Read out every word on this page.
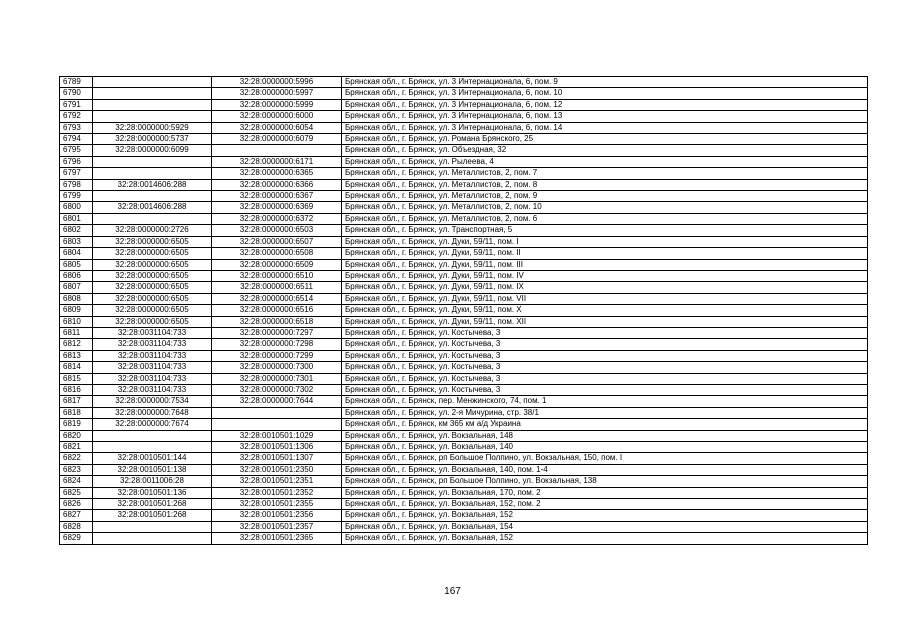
6789		32:28:0000000:5996	Брянская обл., г. Брянск, ул. 3 Интернационала, 6, пом. 9
6790		32:28:0000000:5997	Брянская обл., г. Брянск, ул. 3 Интернационала, 6, пом. 10
6791		32:28:0000000:5999	Брянская обл., г. Брянск, ул. 3 Интернационала, 6, пом. 12
6792		32:28:0000000:6000	Брянская обл., г. Брянск, ул. 3 Интернационала, 6, пом. 13
6793	32:28:0000000:5929	32:28:0000000:6054	Брянская обл., г. Брянск, ул. 3 Интернационала, 6, пом. 14
6794	32:28:0000000:5737	32:28:0000000:6079	Брянская обл., г. Брянск, ул. Романа Брянского, 25
6795	32:28:0000000:6099		Брянская обл., г. Брянск, ул. Объездная, 32
6796		32:28:0000000:6171	Брянская обл., г. Брянск, ул. Рылеева, 4
6797		32:28:0000000:6365	Брянская обл., г. Брянск, ул. Металлистов, 2, пом. 7
6798	32:28:0014606:288	32:28:0000000:6366	Брянская обл., г. Брянск, ул. Металлистов, 2, пом. 8
6799		32:28:0000000:6367	Брянская обл., г. Брянск, ул. Металлистов, 2, пом. 9
6800	32:28:0014606:288	32:28:0000000:6369	Брянская обл., г. Брянск, ул. Металлистов, 2, пом. 10
6801		32:28:0000000:6372	Брянская обл., г. Брянск, ул. Металлистов, 2, пом. 6
6802	32:28:0000000:2726	32:28:0000000:6503	Брянская обл., г. Брянск, ул. Транспортная, 5
6803	32:28:0000000:6505	32:28:0000000:6507	Брянская обл., г. Брянск, ул. Дуки, 59/11, пом. I
6804	32:28:0000000:6505	32:28:0000000:6508	Брянская обл., г. Брянск, ул. Дуки, 59/11, пом. II
6805	32:28:0000000:6505	32:28:0000000:6509	Брянская обл., г. Брянск, ул. Дуки, 59/11, пом. III
6806	32:28:0000000:6505	32:28:0000000:6510	Брянская обл., г. Брянск, ул. Дуки, 59/11, пом. IV
6807	32:28:0000000:6505	32:28:0000000:6511	Брянская обл., г. Брянск, ул. Дуки, 59/11, пом. IX
6808	32:28:0000000:6505	32:28:0000000:6514	Брянская обл., г. Брянск, ул. Дуки, 59/11, пом. VII
6809	32:28:0000000:6505	32:28:0000000:6516	Брянская обл., г. Брянск, ул. Дуки, 59/11, пом. X
6810	32:28:0000000:6505	32:28:0000000:6518	Брянская обл., г. Брянск, ул. Дуки, 59/11, пом. XII
6811	32:28:0031104:733	32:28:0000000:7297	Брянская обл., г. Брянск, ул. Костычева, 3
6812	32:28:0031104:733	32:28:0000000:7298	Брянская обл., г. Брянск, ул. Костычева, 3
6813	32:28:0031104:733	32:28:0000000:7299	Брянская обл., г. Брянск, ул. Костычева, 3
6814	32:28:0031104:733	32:28:0000000:7300	Брянская обл., г. Брянск, ул. Костычева, 3
6815	32:28:0031104:733	32:28:0000000:7301	Брянская обл., г. Брянск, ул. Костычева, 3
6816	32:28:0031104:733	32:28:0000000:7302	Брянская обл., г. Брянск, ул. Костычева, 3
6817	32:28:0000000:7534	32:28:0000000:7644	Брянская обл., г. Брянск, пер. Менжинского, 74, пом. 1
6818	32:28:0000000:7648		Брянская обл., г. Брянск, ул. 2-я Мичурина, стр. 38/1
6819	32:28:0000000:7674		Брянская обл., г. Брянск, км 365 км а/д Украина
6820		32:28:0010501:1029	Брянская обл., г. Брянск, ул. Вокзальная, 148
6821		32:28:0010501:1306	Брянская обл., г. Брянск, ул. Вокзальная, 140
6822	32:28:0010501:144	32:28:0010501:1307	Брянская обл., г. Брянск, рп Большое Полпино, ул. Вокзальная, 150, пом. I
6823	32:28:0010501:138	32:28:0010501:2350	Брянская обл., г. Брянск, ул. Вокзальная, 140, пом. 1-4
6824	32:28:0011006:28	32:28:0010501:2351	Брянская обл., г. Брянск, рп Большое Полпино, ул. Вокзальная, 138
6825	32:28:0010501:136	32:28:0010501:2352	Брянская обл., г. Брянск, ул. Вокзальная, 170, пом. 2
6826	32:28:0010501:268	32:28:0010501:2355	Брянская обл., г. Брянск, ул. Вокзальная, 152, пом. 2
6827	32:28:0010501:268	32:28:0010501:2356	Брянская обл., г. Брянск, ул. Вокзальная, 152
6828		32:28:0010501:2357	Брянская обл., г. Брянск, ул. Вокзальная, 154
6829		32:28:0010501:2365	Брянская обл., г. Брянск, ул. Вокзальная, 152
167
